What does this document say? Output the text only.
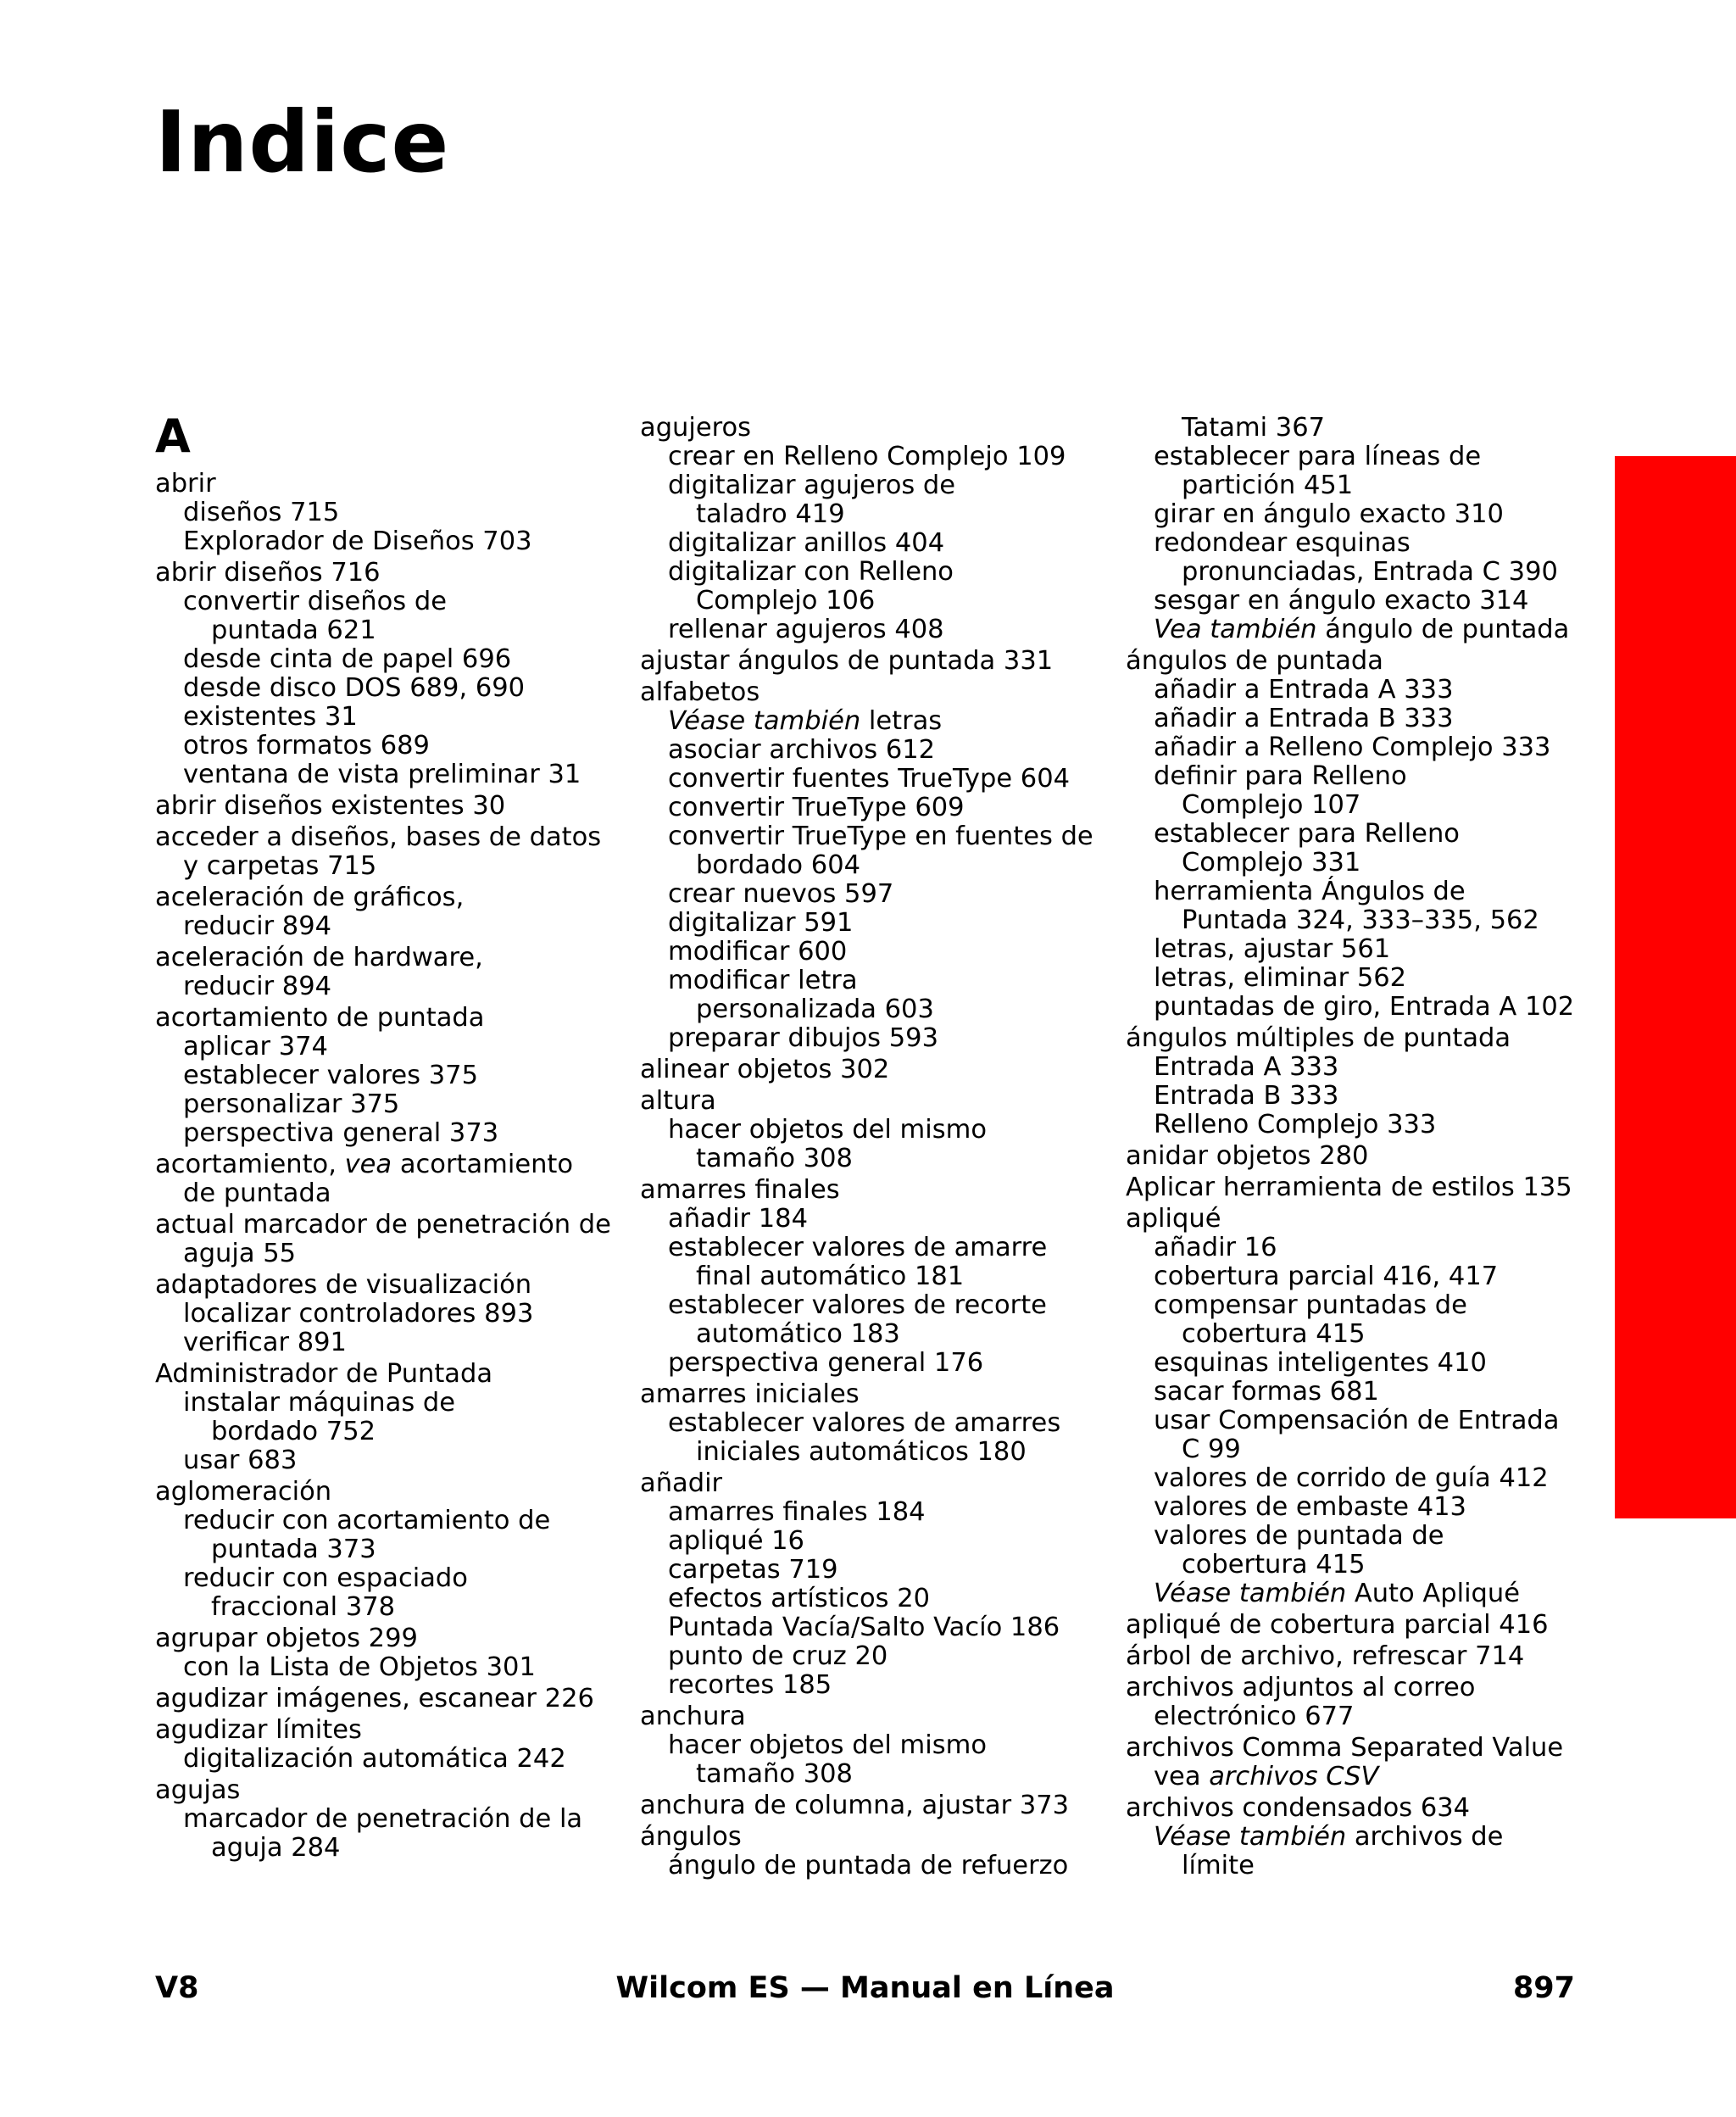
Indice
A
abrir
diseños 715
Explorador de Diseños 703
abrir diseños 716
convertir diseños de
puntada 621
desde cinta de papel 696
desde disco DOS 689, 690
existentes 31
otros formatos 689
ventana de vista preliminar 31
abrir diseños existentes 30
acceder a diseños, bases de datos
y carpetas 715
aceleración de gráficos,
reducir 894
aceleración de hardware,
reducir 894
acortamiento de puntada
aplicar 374
establecer valores 375
personalizar 375
perspectiva general 373
acortamiento, vea acortamiento
de puntada
actual marcador de penetración de
aguja 55
adaptadores de visualización
localizar controladores 893
verificar 891
Administrador de Puntada
instalar máquinas de
bordado 752
usar 683
aglomeración
reducir con acortamiento de
puntada 373
reducir con espaciado
fraccional 378
agrupar objetos 299
con la Lista de Objetos 301
agudizar imágenes, escanear 226
agudizar límites
digitalización automática 242
agujas
marcador de penetración de la
aguja 284
agujeros
crear en Relleno Complejo 109
digitalizar agujeros de
taladro 419
digitalizar anillos 404
digitalizar con Relleno
Complejo 106
rellenar agujeros 408
ajustar ángulos de puntada 331
alfabetos
Véase también letras
asociar archivos 612
convertir fuentes TrueType 604
convertir TrueType 609
convertir TrueType en fuentes de
bordado 604
crear nuevos 597
digitalizar 591
modificar 600
modificar letra
personalizada 603
preparar dibujos 593
alinear objetos 302
altura
hacer objetos del mismo
tamaño 308
amarres finales
añadir 184
establecer valores de amarre
final automático 181
establecer valores de recorte
automático 183
perspectiva general 176
amarres iniciales
establecer valores de amarres
iniciales automáticos 180
añadir
amarres finales 184
apliqué 16
carpetas 719
efectos artísticos 20
Puntada Vacía/Salto Vacío 186
punto de cruz 20
recortes 185
anchura
hacer objetos del mismo
tamaño 308
anchura de columna, ajustar 373
ángulos
ángulo de puntada de refuerzo
Tatami 367
establecer para líneas de
partición 451
girar en ángulo exacto 310
redondear esquinas
pronunciadas, Entrada C 390
sesgar en ángulo exacto 314
Vea también ángulo de puntada
ángulos de puntada
añadir a Entrada A 333
añadir a Entrada B 333
añadir a Relleno Complejo 333
definir para Relleno
Complejo 107
establecer para Relleno
Complejo 331
herramienta Ángulos de
Puntada 324, 333–335, 562
letras, ajustar 561
letras, eliminar 562
puntadas de giro, Entrada A 102
ángulos múltiples de puntada
Entrada A 333
Entrada B 333
Relleno Complejo 333
anidar objetos 280
Aplicar herramienta de estilos 135
apliqué
añadir 16
cobertura parcial 416, 417
compensar puntadas de
cobertura 415
esquinas inteligentes 410
sacar formas 681
usar Compensación de Entrada
C 99
valores de corrido de guía 412
valores de embaste 413
valores de puntada de
cobertura 415
Véase también Auto Apliqué
apliqué de cobertura parcial 416
árbol de archivo, refrescar 714
archivos adjuntos al correo
electrónico 677
archivos Comma Separated Value
vea archivos CSV
archivos condensados 634
Véase también archivos de
límite
V8	Wilcom ES — Manual en Línea	897
